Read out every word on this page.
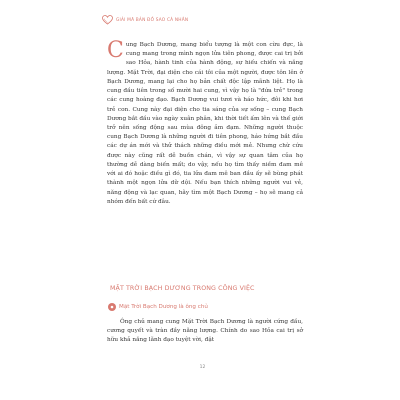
GIẢI MÃ BẢN ĐỒ SAO CÁ NHÂN

Cung Bạch Dương, mang biểu tượng là một con cừu đực, là cung mang trong mình ngọn lửa tiên phong, được cai trị bởi sao Hỏa, hành tinh của hành động, sự hiếu chiến và năng lượng. Mặt Trời, đại diện cho cái tôi của một người, được tôn lên ở Bạch Dương, mang lại cho họ bản chất độc lập mãnh liệt. Họ là cung đầu tiên trong số mười hai cung, vì vậy họ là "đứa trẻ" trong các cung hoàng đạo. Bạch Dương vui tươi và háo hức, đôi khi hơi trẻ con. Cung này đại diện cho tia sáng của sự sống – cung Bạch Dương bắt đầu vào ngày xuân phân, khi thời tiết ấm lên và thế giới trở nên sống động sau mùa đông ảm đạm. Những người thuộc cung Bạch Dương là những người đi tiên phong, háo hứng bắt đầu các dự án mới và thử thách những điều mới mẻ. Nhưng chừ cứu được này cũng rất dễ buồn chán, vì vậy sự quan tâm của họ thường dễ dàng biến mất; do vậy, nếu họ tìm thấy niềm đam mê với ai đó hoặc điều gì đó, tia lửa đam mê ban đầu ấy sẽ bùng phát thành một ngọn lửa dữ dội. Nếu bạn thích những người vui vẻ, năng động và lạc quan, hãy tìm một Bạch Dương – họ sẽ mang cả nhóm đến bất cứ đâu.

MẶT TRỜI BẠCH DƯƠNG TRONG CÔNG VIỆC
Mặt Trời Bạch Dương là ông chủ

Ông chủ mang cung Mặt Trời Bạch Dương là người cứng đầu, cương quyết và tràn đầy năng lượng. Chính do sao Hỏa cai trị sở hữu khả năng lãnh đạo tuyệt vời, đặt

12
